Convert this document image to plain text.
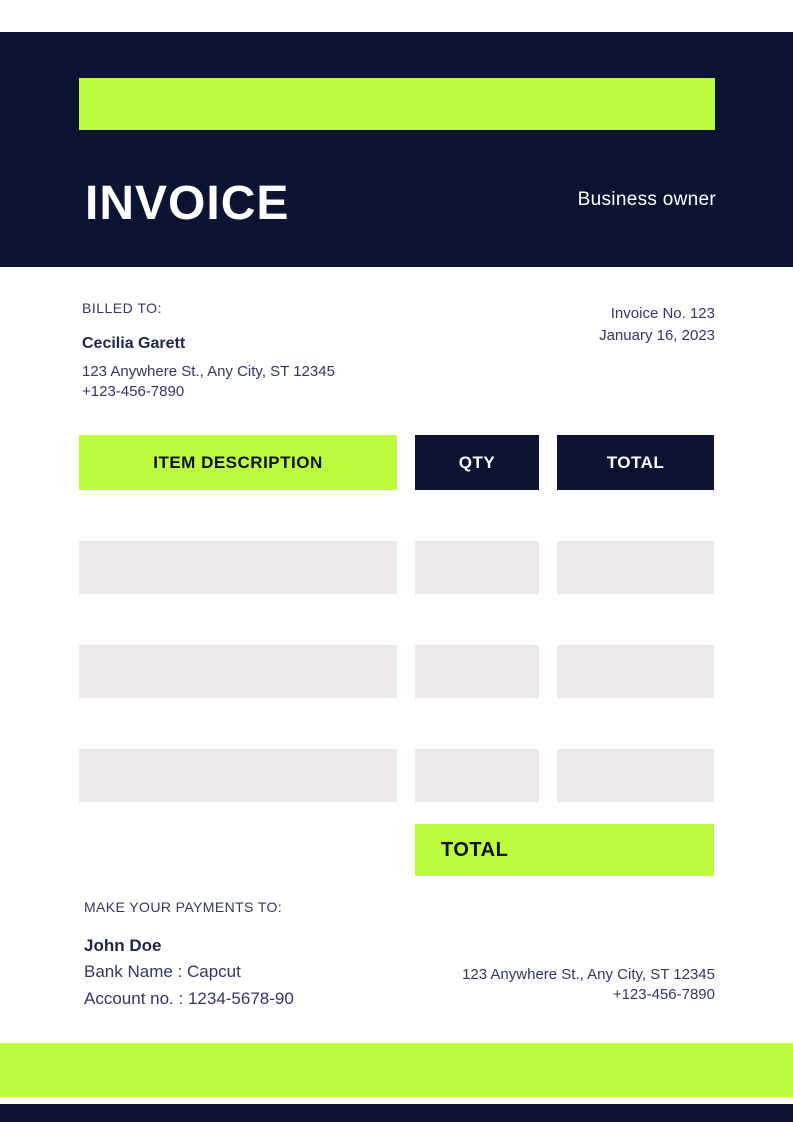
INVOICE	Business owner
BILLED TO:
Cecilia Garett
123 Anywhere St., Any City, ST 12345
+123-456-7890
Invoice No. 123
January 16, 2023
ITEM DESCRIPTION	QTY	TOTAL
TOTAL
MAKE YOUR PAYMENTS TO:
John Doe
Bank Name : Capcut
Account no. : 1234-5678-90
123 Anywhere St., Any City, ST 12345
+123-456-7890
